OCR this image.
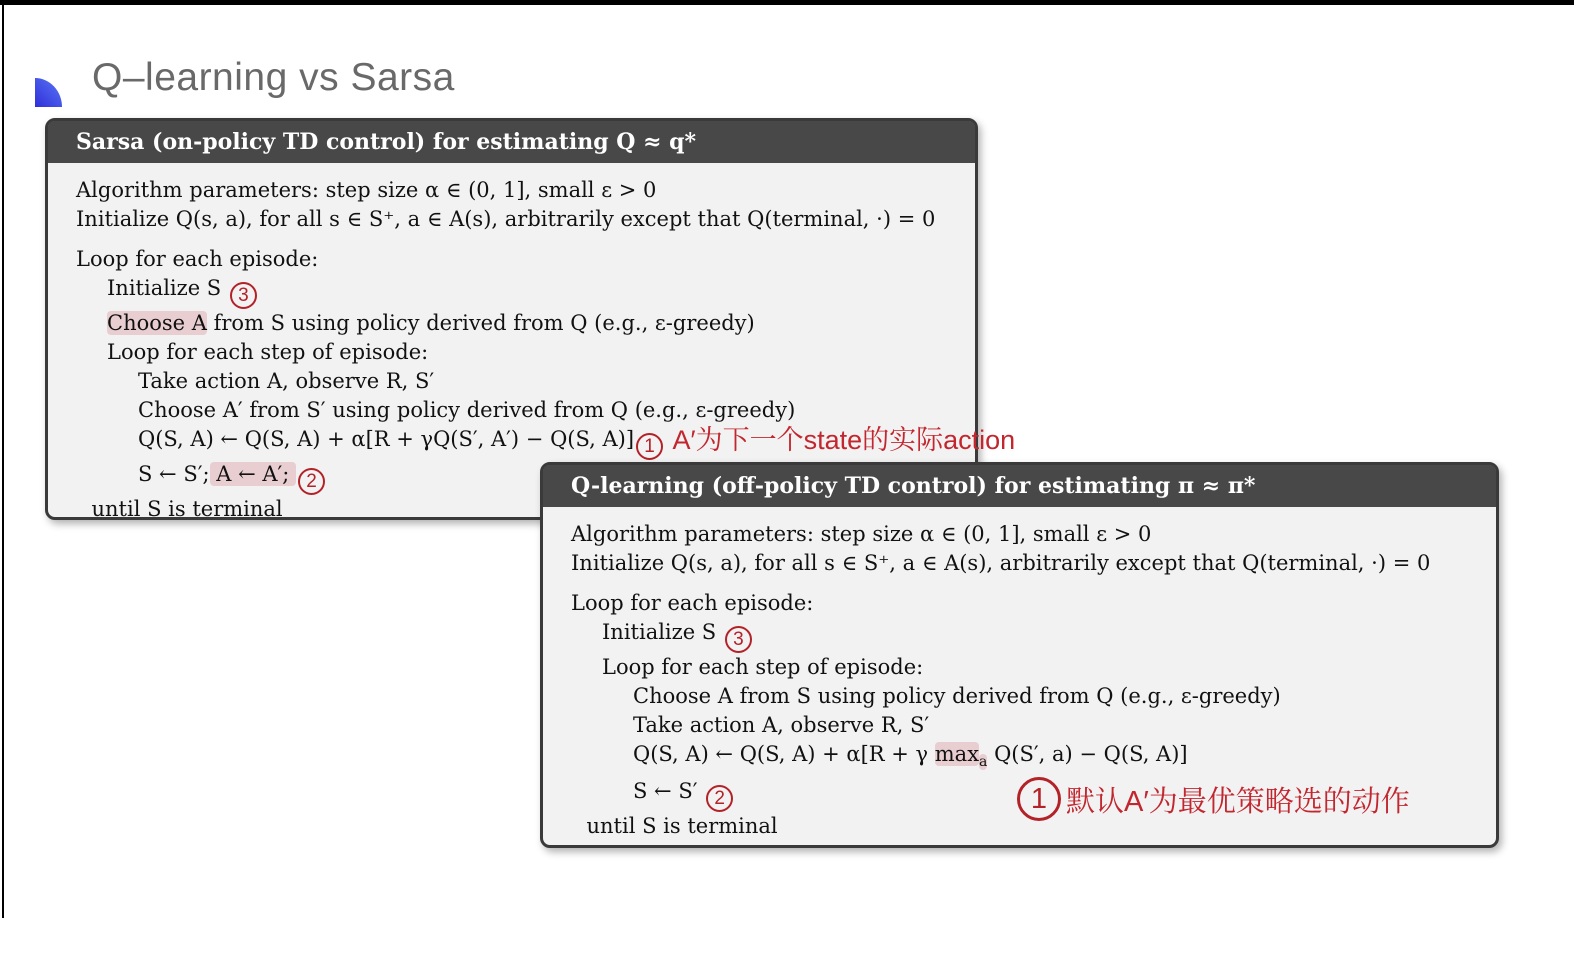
Q–learning vs Sarsa
Sarsa (on-policy TD control) for estimating Q ≈ q*
Algorithm parameters: step size α ∈ (0, 1], small ε > 0
Initialize Q(s, a), for all s ∈ S⁺, a ∈ A(s), arbitrarily except that Q(terminal, ·) = 0
Loop for each episode:
Initialize S 3
Choose A from S using policy derived from Q (e.g., ε-greedy)
Loop for each step of episode:
Take action A, observe R, S′
Choose A′ from S′ using policy derived from Q (e.g., ε-greedy)
Q(S, A) ← Q(S, A) + α[R + γQ(S′, A′) − Q(S, A)] 1 A′为下一个state的实际action
S ← S′; A ← A′; 2
until S is terminal
Q-learning (off-policy TD control) for estimating π ≈ π*
Algorithm parameters: step size α ∈ (0, 1], small ε > 0
Initialize Q(s, a), for all s ∈ S⁺, a ∈ A(s), arbitrarily except that Q(terminal, ·) = 0
Loop for each episode:
Initialize S 3
Loop for each step of episode:
Choose A from S using policy derived from Q (e.g., ε-greedy)
Take action A, observe R, S′
Q(S, A) ← Q(S, A) + α[R + γ $\max_a Q(S'$, a) − Q(S, A)]
S ← S′ 2
until S is terminal
1 默认A′为最优策略选的动作
